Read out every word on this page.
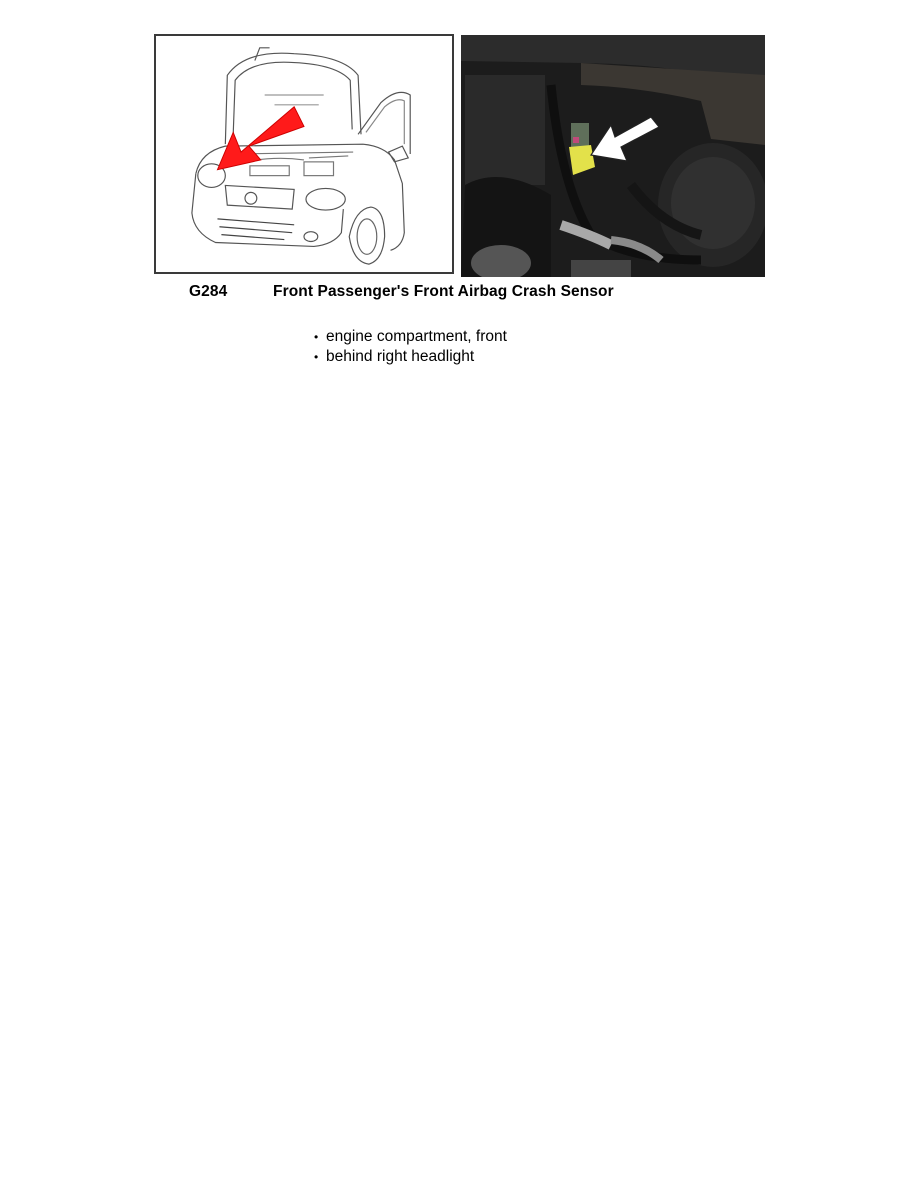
G284	Front Passenger's Front Airbag Crash Sensor
• engine compartment, front
• behind right headlight
